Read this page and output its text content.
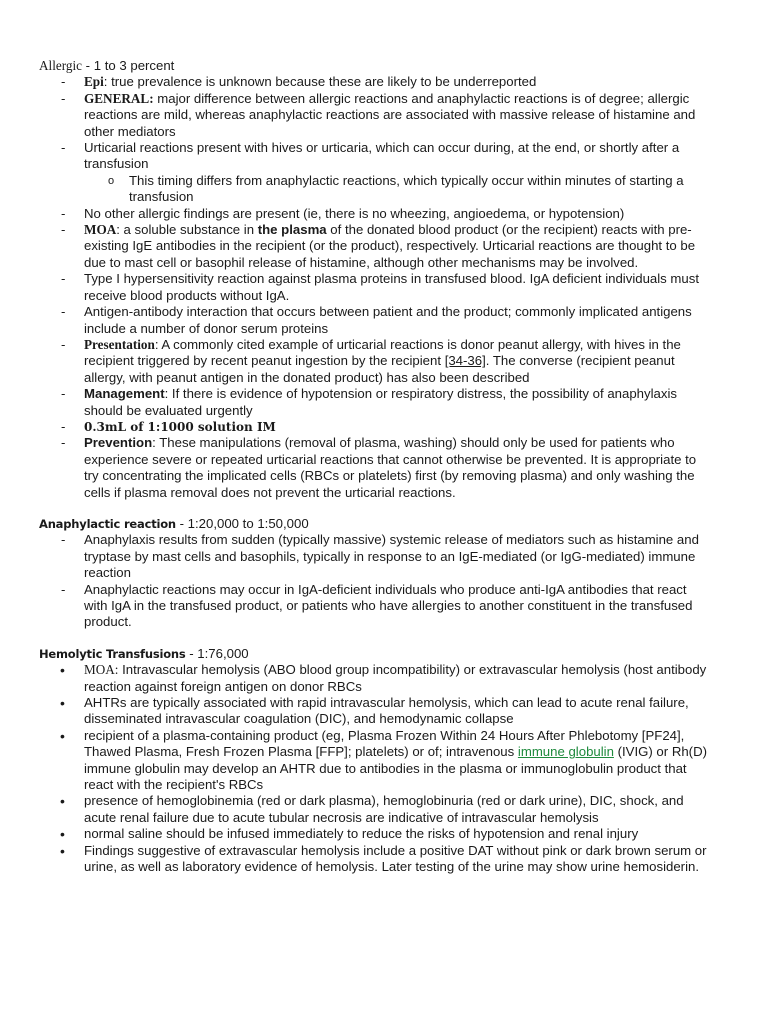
Allergic - 1 to 3 percent

- Epi: true prevalence is unknown because these are likely to be underreported
- GENERAL: major difference between allergic reactions and anaphylactic reactions is of degree; allergic reactions are mild, whereas anaphylactic reactions are associated with massive release of histamine and other mediators
- Urticarial reactions present with hives or urticaria, which can occur during, at the end, or shortly after a transfusion
o This timing differs from anaphylactic reactions, which typically occur within minutes of starting a transfusion
- No other allergic findings are present (ie, there is no wheezing, angioedema, or hypotension)
- MOA: a soluble substance in the plasma of the donated blood product (or the recipient) reacts with pre-existing IgE antibodies in the recipient (or the product), respectively. Urticarial reactions are thought to be due to mast cell or basophil release of histamine, although other mechanisms may be involved.
- Type I hypersensitivity reaction against plasma proteins in transfused blood. IgA deficient individuals must receive blood products without IgA.
- Antigen-antibody interaction that occurs between patient and the product; commonly implicated antigens include a number of donor serum proteins
- Presentation: A commonly cited example of urticarial reactions is donor peanut allergy, with hives in the recipient triggered by recent peanut ingestion by the recipient [34-36]. The converse (recipient peanut allergy, with peanut antigen in the donated product) has also been described
- Management: If there is evidence of hypotension or respiratory distress, the possibility of anaphylaxis should be evaluated urgently
- 0.3mL of 1:1000 solution IM
- Prevention: These manipulations (removal of plasma, washing) should only be used for patients who experience severe or repeated urticarial reactions that cannot otherwise be prevented. It is appropriate to try concentrating the implicated cells (RBCs or platelets) first (by removing plasma) and only washing the cells if plasma removal does not prevent the urticarial reactions.

Anaphylactic reaction - 1:20,000 to 1:50,000

- Anaphylaxis results from sudden (typically massive) systemic release of mediators such as histamine and tryptase by mast cells and basophils, typically in response to an IgE-mediated (or IgG-mediated) immune reaction
- Anaphylactic reactions may occur in IgA-deficient individuals who produce anti-IgA antibodies that react with IgA in the transfused product, or patients who have allergies to another constituent in the transfused product.

Hemolytic Transfusions - 1:76,000

• MOA: Intravascular hemolysis (ABO blood group incompatibility) or extravascular hemolysis (host antibody reaction against foreign antigen on donor RBCs
• AHTRs are typically associated with rapid intravascular hemolysis, which can lead to acute renal failure, disseminated intravascular coagulation (DIC), and hemodynamic collapse
• recipient of a plasma-containing product (eg, Plasma Frozen Within 24 Hours After Phlebotomy [PF24], Thawed Plasma, Fresh Frozen Plasma [FFP]; platelets) or of; intravenous immune globulin (IVIG) or Rh(D) immune globulin may develop an AHTR due to antibodies in the plasma or immunoglobulin product that react with the recipient's RBCs
• presence of hemoglobinemia (red or dark plasma), hemoglobinuria (red or dark urine), DIC, shock, and acute renal failure due to acute tubular necrosis are indicative of intravascular hemolysis
• normal saline should be infused immediately to reduce the risks of hypotension and renal injury
• Findings suggestive of extravascular hemolysis include a positive DAT without pink or dark brown serum or urine, as well as laboratory evidence of hemolysis. Later testing of the urine may show urine hemosiderin.
